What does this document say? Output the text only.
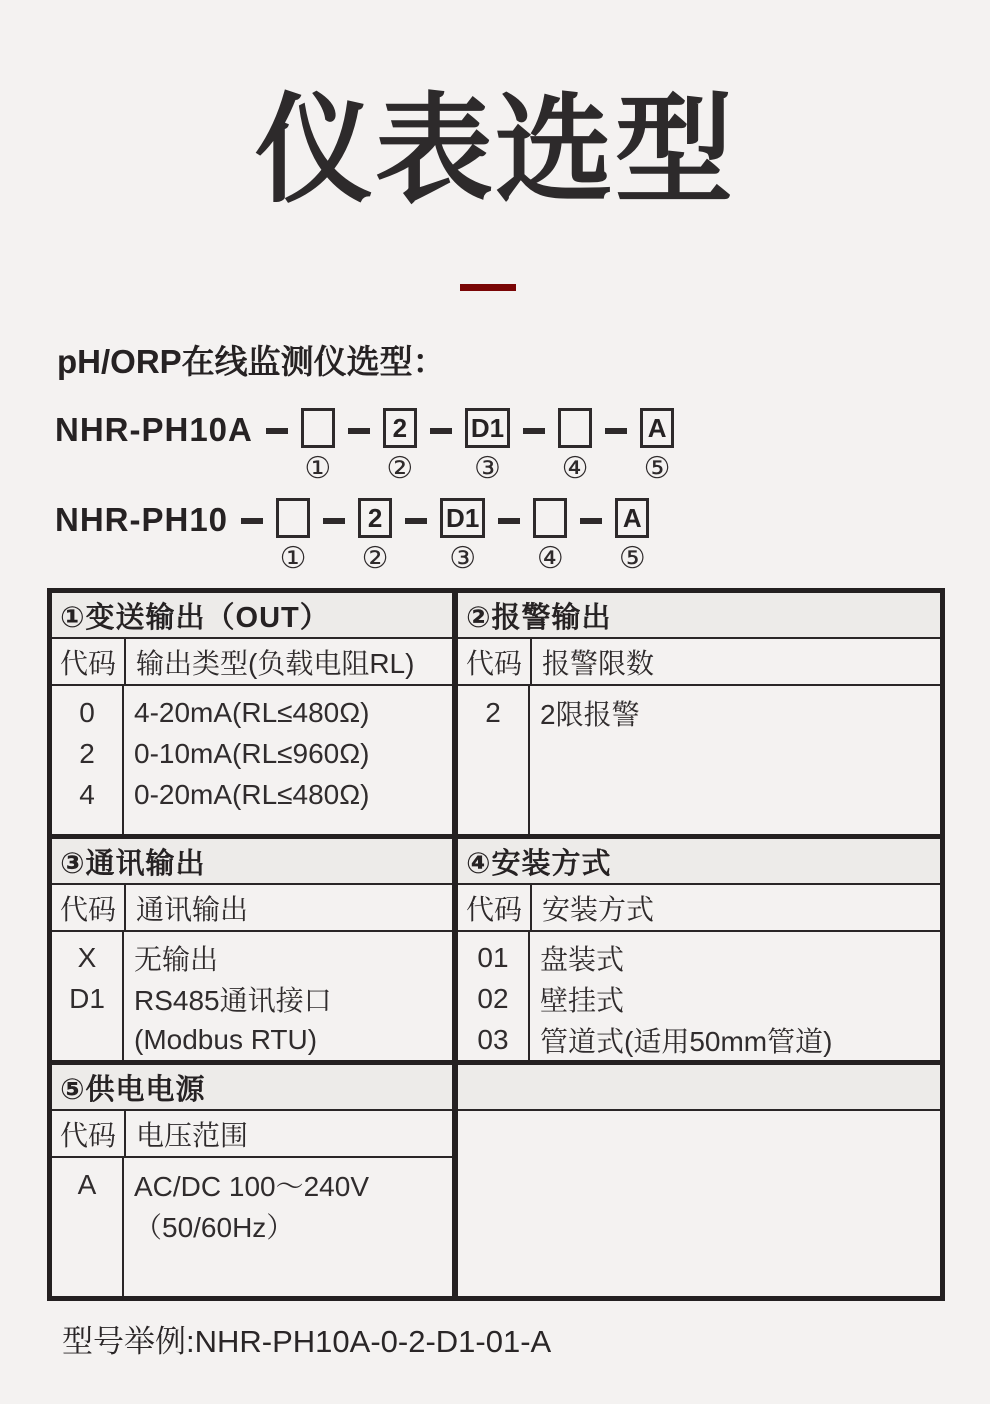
仪表选型
pH/ORP在线监测仪选型：
NHR-PH10A
①
2
②
D1
③ ④
A
⑤
NHR-PH10
①
2
②
D1
③ ④
A
⑤
①变送输出（OUT）
代码 输出类型(负载电阻RL)
0
2
4
4-20mA(RL≤480Ω)
0-10mA(RL≤960Ω)
0-20mA(RL≤480Ω)
②报警输出
代码 报警限数
2	2限报警
③通讯输出
代码 通讯输出
X
D1
无输出
RS485通讯接口
(Modbus RTU)
④安装方式
代码 安装方式
01
02
03
盘装式
壁挂式
管道式(适用50mm管道)
⑤供电电源
代码 电压范围
A	AC/DC 100～240V
（50/60Hz）
型号举例:NHR-PH10A-0-2-D1-01-A
